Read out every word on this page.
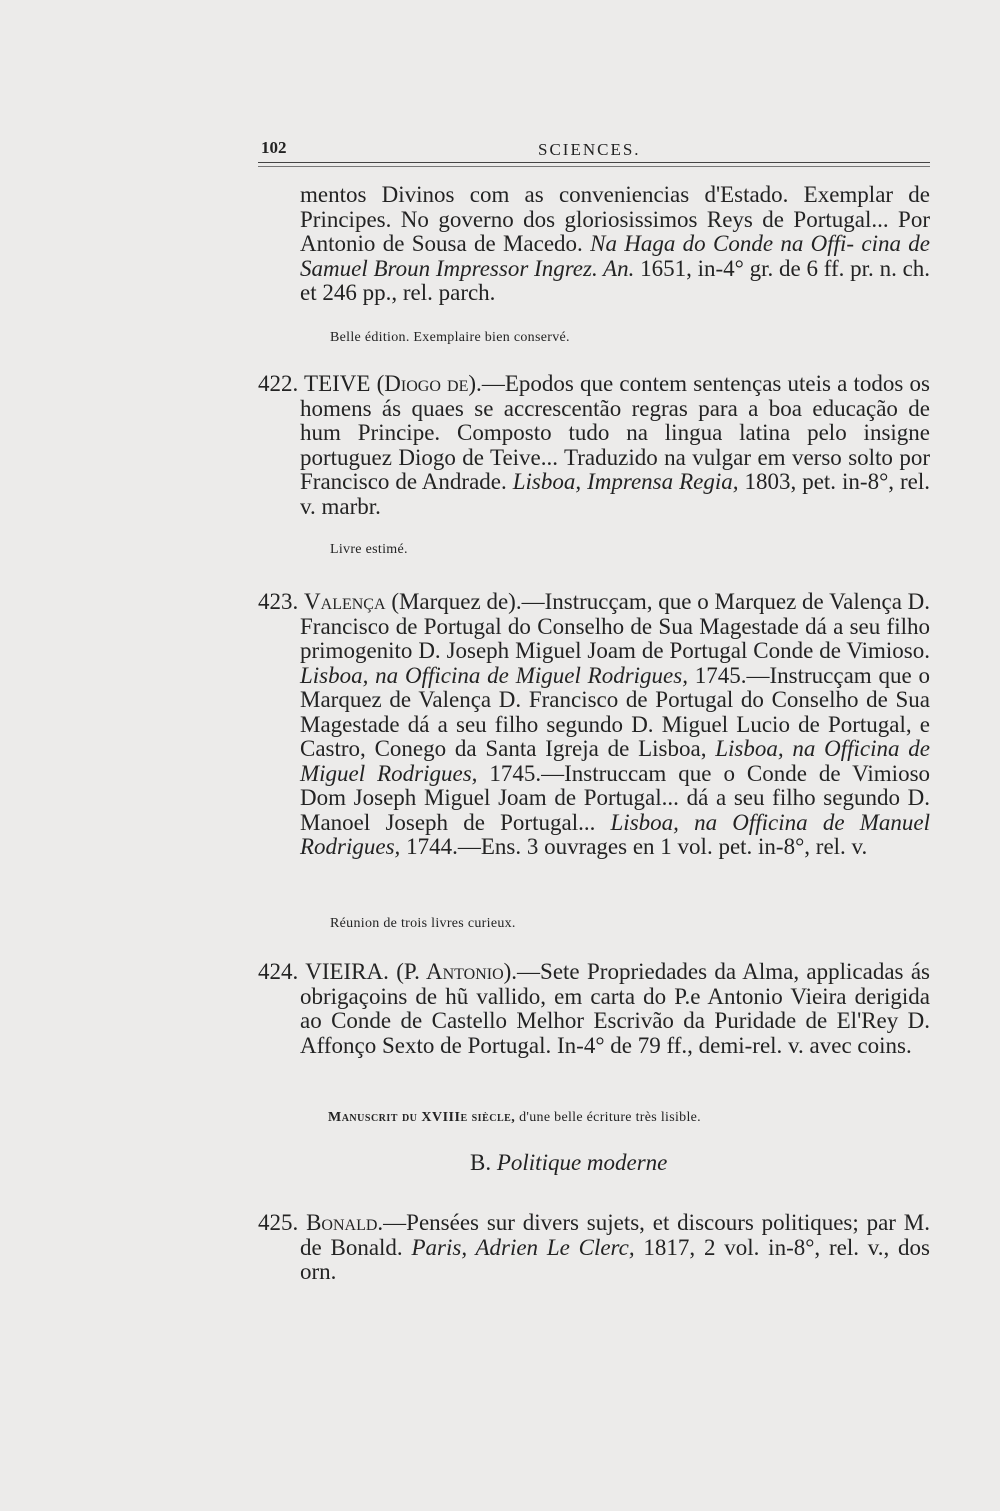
102	SCIENCES.
mentos Divinos com as conveniencias d'Estado. Exemplar de Principes. No governo dos gloriosissimos Reys de Portugal... Por Antonio de Sousa de Macedo. Na Haga do Conde na Offi- cina de Samuel Broun Impressor Ingrez. An. 1651, in-4° gr. de 6 ff. pr. n. ch. et 246 pp., rel. parch.
Belle édition. Exemplaire bien conservé.
422. TEIVE (Diogo de).—Epodos que contem sentenças uteis a todos os homens ás quaes se accrescentão regras para a boa educação de hum Principe. Composto tudo na lingua latina pelo insigne portuguez Diogo de Teive... Traduzido na vulgar em verso solto por Francisco de Andrade. Lisboa, Imprensa Regia, 1803, pet. in-8°, rel. v. marbr.
Livre estimé.
423. Valença (Marquez de).—Instrucçam, que o Marquez de Valença D. Francisco de Portugal do Conselho de Sua Magestade dá a seu filho primogenito D. Joseph Miguel Joam de Portugal Conde de Vimioso. Lisboa, na Officina de Miguel Rodrigues, 1745.—Instrucçam que o Marquez de Valença D. Francisco de Portugal do Conselho de Sua Magestade dá a seu filho segundo D. Miguel Lucio de Portugal, e Castro, Conego da Santa Igreja de Lisboa, Lisboa, na Officina de Miguel Rodrigues, 1745.—Instruccam que o Conde de Vimioso Dom Joseph Miguel Joam de Portugal... dá a seu filho segundo D. Manoel Joseph de Portugal... Lisboa, na Officina de Manuel Rodrigues, 1744.—Ens. 3 ouvrages en 1 vol. pet. in-8°, rel. v.
Réunion de trois livres curieux.
424. VIEIRA. (P. Antonio).—Sete Propriedades da Alma, applicadas ás obrigaçoins de hũ vallido, em carta do P.e Antonio Vieira derigida ao Conde de Castello Melhor Escrivão da Puridade de El'Rey D. Affonço Sexto de Portugal. In-4° de 79 ff., demi-rel. v. avec coins.
Manuscrit du XVIIIe siècle, d'une belle écriture très lisible.
B. Politique moderne
425. Bonald.—Pensées sur divers sujets, et discours politiques; par M. de Bonald. Paris, Adrien Le Clerc, 1817, 2 vol. in-8°, rel. v., dos orn.
